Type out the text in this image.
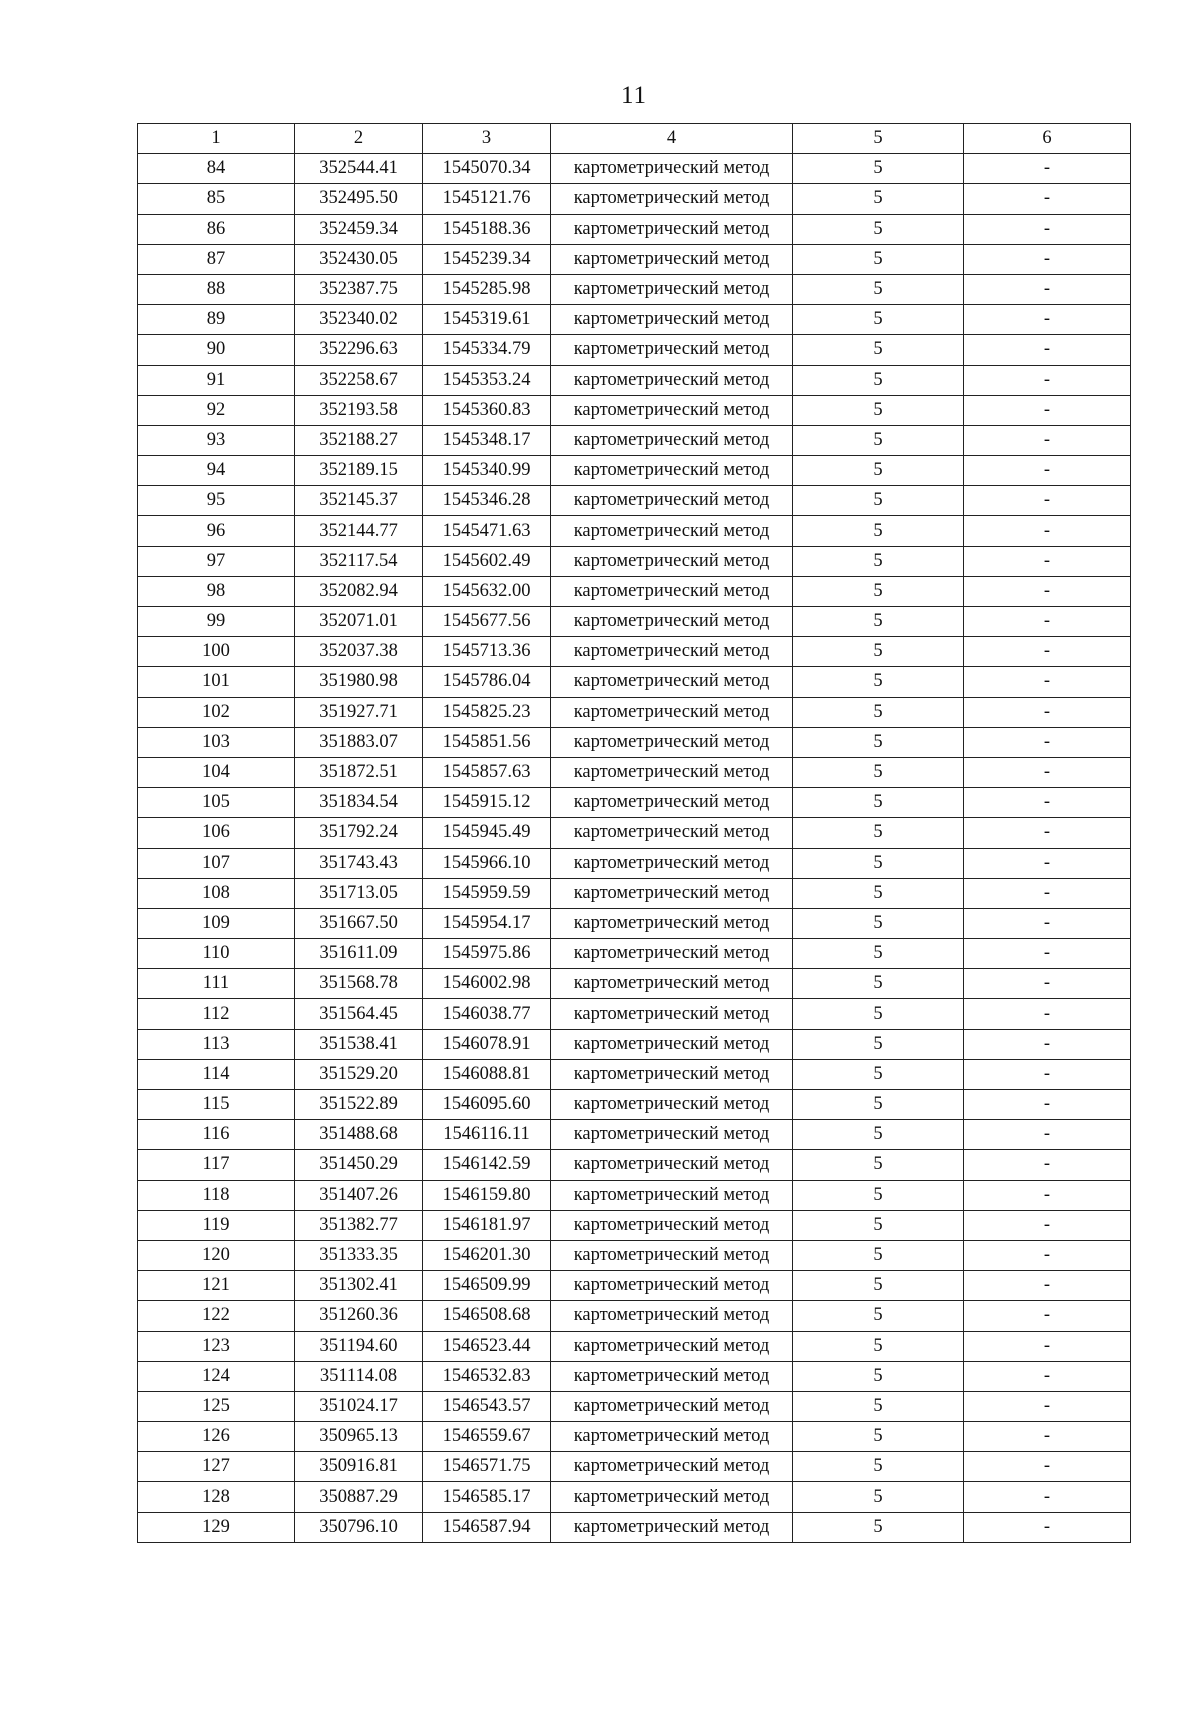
11
1	2	3	4	5	6
84	352544.41	1545070.34	картометрический метод	5	-
85	352495.50	1545121.76	картометрический метод	5	-
86	352459.34	1545188.36	картометрический метод	5	-
87	352430.05	1545239.34	картометрический метод	5	-
88	352387.75	1545285.98	картометрический метод	5	-
89	352340.02	1545319.61	картометрический метод	5	-
90	352296.63	1545334.79	картометрический метод	5	-
91	352258.67	1545353.24	картометрический метод	5	-
92	352193.58	1545360.83	картометрический метод	5	-
93	352188.27	1545348.17	картометрический метод	5	-
94	352189.15	1545340.99	картометрический метод	5	-
95	352145.37	1545346.28	картометрический метод	5	-
96	352144.77	1545471.63	картометрический метод	5	-
97	352117.54	1545602.49	картометрический метод	5	-
98	352082.94	1545632.00	картометрический метод	5	-
99	352071.01	1545677.56	картометрический метод	5	-
100	352037.38	1545713.36	картометрический метод	5	-
101	351980.98	1545786.04	картометрический метод	5	-
102	351927.71	1545825.23	картометрический метод	5	-
103	351883.07	1545851.56	картометрический метод	5	-
104	351872.51	1545857.63	картометрический метод	5	-
105	351834.54	1545915.12	картометрический метод	5	-
106	351792.24	1545945.49	картометрический метод	5	-
107	351743.43	1545966.10	картометрический метод	5	-
108	351713.05	1545959.59	картометрический метод	5	-
109	351667.50	1545954.17	картометрический метод	5	-
110	351611.09	1545975.86	картометрический метод	5	-
111	351568.78	1546002.98	картометрический метод	5	-
112	351564.45	1546038.77	картометрический метод	5	-
113	351538.41	1546078.91	картометрический метод	5	-
114	351529.20	1546088.81	картометрический метод	5	-
115	351522.89	1546095.60	картометрический метод	5	-
116	351488.68	1546116.11	картометрический метод	5	-
117	351450.29	1546142.59	картометрический метод	5	-
118	351407.26	1546159.80	картометрический метод	5	-
119	351382.77	1546181.97	картометрический метод	5	-
120	351333.35	1546201.30	картометрический метод	5	-
121	351302.41	1546509.99	картометрический метод	5	-
122	351260.36	1546508.68	картометрический метод	5	-
123	351194.60	1546523.44	картометрический метод	5	-
124	351114.08	1546532.83	картометрический метод	5	-
125	351024.17	1546543.57	картометрический метод	5	-
126	350965.13	1546559.67	картометрический метод	5	-
127	350916.81	1546571.75	картометрический метод	5	-
128	350887.29	1546585.17	картометрический метод	5	-
129	350796.10	1546587.94	картометрический метод	5	-
